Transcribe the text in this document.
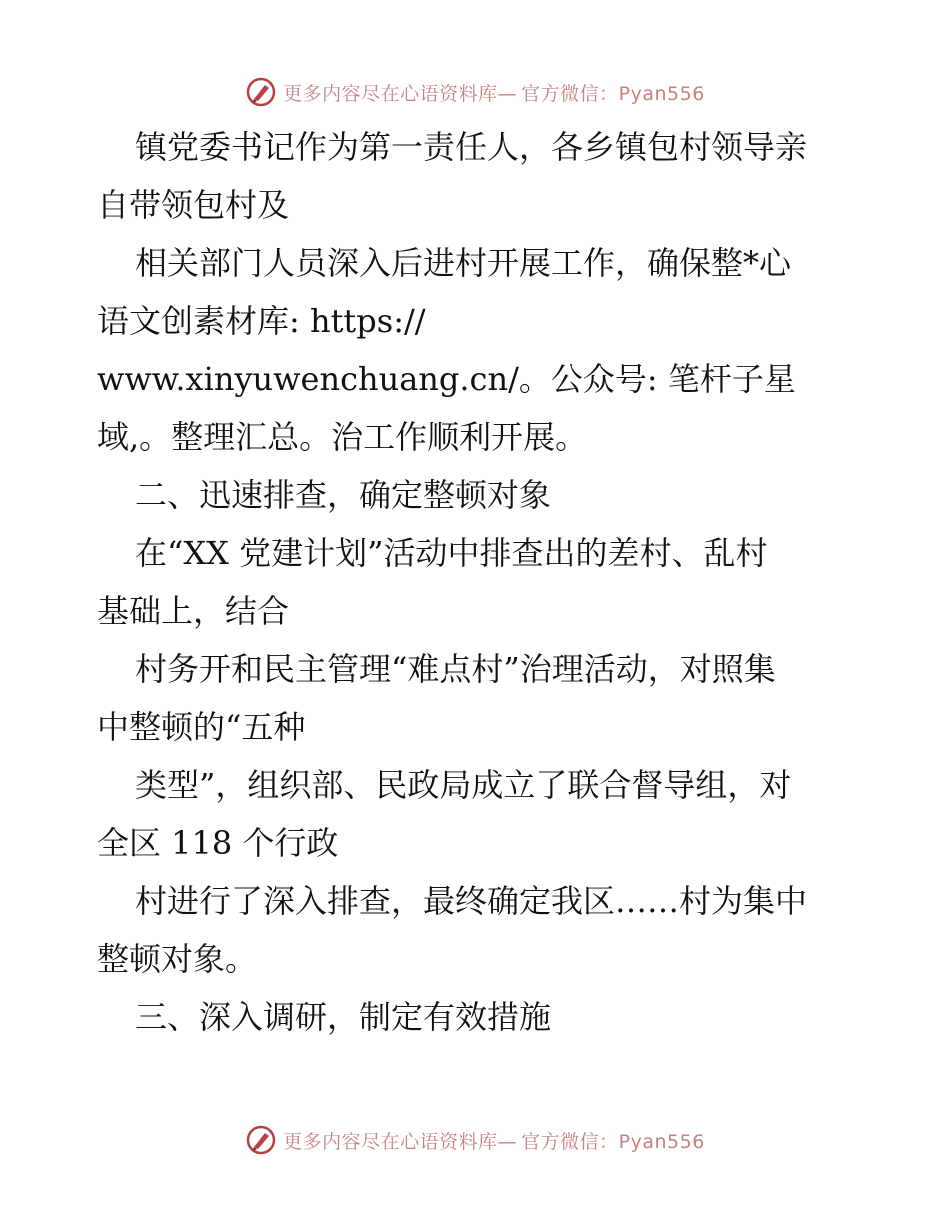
更多内容尽在心语资料库— 官方微信：Pyan556
镇党委书记作为第一责任人，各乡镇包村领导亲
自带领包村及
相关部门人员深入后进村开展工作，确保整*心
语文创素材库: https://
www.xinyuwenchuang.cn/。公众号: 笔杆子星
域,。整理汇总。治工作顺利开展。
二、迅速排查，确定整顿对象
在“XX 党建计划”活动中排查出的差村、乱村
基础上，结合
村务开和民主管理“难点村”治理活动，对照集
中整顿的“五种
类型”，组织部、民政局成立了联合督导组，对
全区 118 个行政
村进行了深入排查，最终确定我区……村为集中
整顿对象。
三、深入调研，制定有效措施
更多内容尽在心语资料库— 官方微信：Pyan556
